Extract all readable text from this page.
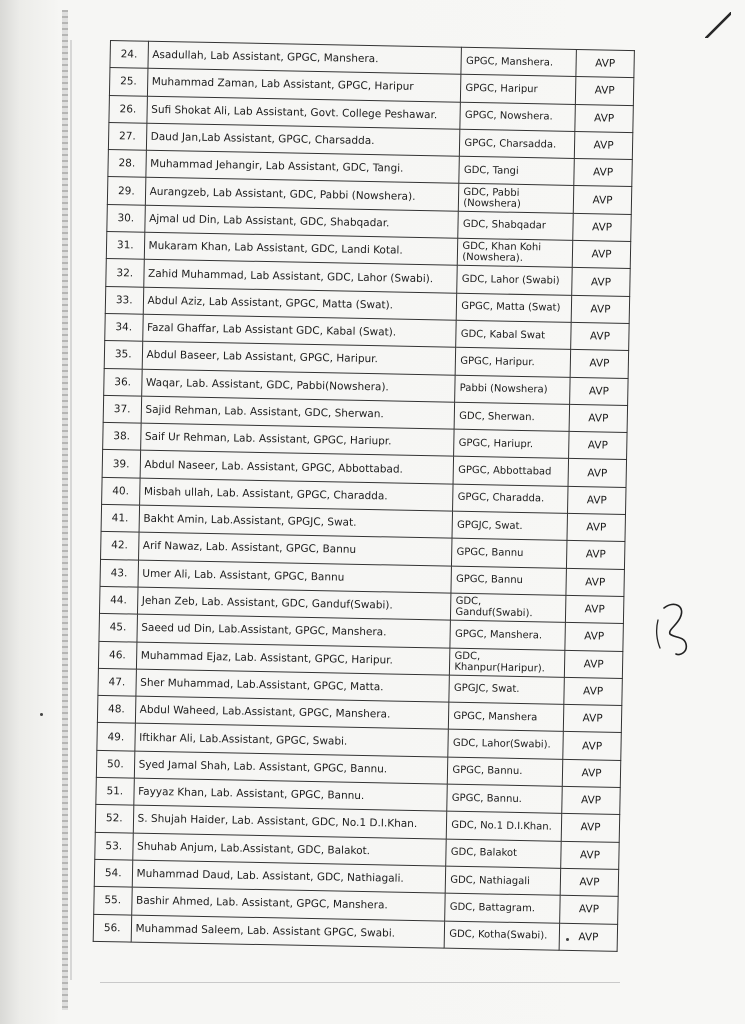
24.	Asadullah, Lab Assistant, GPGC, Manshera.	GPGC, Manshera.	AVP
25.	Muhammad Zaman, Lab Assistant, GPGC, Haripur	GPGC, Haripur	AVP
26.	Sufi Shokat Ali, Lab Assistant, Govt. College Peshawar.	GPGC, Nowshera.	AVP
27.	Daud Jan,Lab Assistant, GPGC, Charsadda.	GPGC, Charsadda.	AVP
28.	Muhammad Jehangir, Lab Assistant, GDC, Tangi.	GDC, Tangi	AVP
29.	Aurangzeb, Lab Assistant, GDC, Pabbi (Nowshera).	GDC, Pabbi (Nowshera)	AVP
30.	Ajmal ud Din, Lab Assistant, GDC, Shabqadar.	GDC, Shabqadar	AVP
31.	Mukaram Khan, Lab Assistant, GDC, Landi Kotal.	GDC, Khan Kohi (Nowshera).	AVP
32.	Zahid Muhammad, Lab Assistant, GDC, Lahor (Swabi).	GDC, Lahor (Swabi)	AVP
33.	Abdul Aziz, Lab Assistant, GPGC, Matta (Swat).	GPGC, Matta (Swat)	AVP
34.	Fazal Ghaffar, Lab Assistant GDC, Kabal (Swat).	GDC, Kabal Swat	AVP
35.	Abdul Baseer, Lab Assistant, GPGC, Haripur.	GPGC, Haripur.	AVP
36.	Waqar, Lab. Assistant, GDC, Pabbi(Nowshera).	Pabbi (Nowshera)	AVP
37.	Sajid Rehman, Lab. Assistant, GDC, Sherwan.	GDC, Sherwan.	AVP
38.	Saif Ur Rehman, Lab. Assistant, GPGC, Hariupr.	GPGC, Hariupr.	AVP
39.	Abdul Naseer, Lab. Assistant, GPGC, Abbottabad.	GPGC, Abbottabad	AVP
40.	Misbah ullah, Lab. Assistant, GPGC, Charadda.	GPGC, Charadda.	AVP
41.	Bakht Amin, Lab.Assistant, GPGJC, Swat.	GPGJC, Swat.	AVP
42.	Arif Nawaz, Lab. Assistant, GPGC, Bannu	GPGC, Bannu	AVP
43.	Umer Ali, Lab. Assistant, GPGC, Bannu	GPGC, Bannu	AVP
44.	Jehan Zeb, Lab. Assistant, GDC, Ganduf(Swabi).	GDC, Ganduf(Swabi).	AVP
45.	Saeed ud Din, Lab.Assistant, GPGC, Manshera.	GPGC, Manshera.	AVP
46.	Muhammad Ejaz, Lab. Assistant, GPGC, Haripur.	GDC, Khanpur(Haripur).	AVP
47.	Sher Muhammad, Lab.Assistant, GPGC, Matta.	GPGJC, Swat.	AVP
48.	Abdul Waheed, Lab.Assistant, GPGC, Manshera.	GPGC, Manshera	AVP
49.	Iftikhar Ali, Lab.Assistant, GPGC, Swabi.	GDC, Lahor(Swabi).	AVP
50.	Syed Jamal Shah, Lab. Assistant, GPGC, Bannu.	GPGC, Bannu.	AVP
51.	Fayyaz Khan, Lab. Assistant, GPGC, Bannu.	GPGC, Bannu.	AVP
52.	S. Shujah Haider, Lab. Assistant, GDC, No.1 D.I.Khan.	GDC, No.1 D.I.Khan.	AVP
53.	Shuhab Anjum, Lab.Assistant, GDC, Balakot.	GDC, Balakot	AVP
54.	Muhammad Daud, Lab. Assistant, GDC, Nathiagali.	GDC, Nathiagali	AVP
55.	Bashir Ahmed, Lab. Assistant, GPGC, Manshera.	GDC, Battagram.	AVP
56.	Muhammad Saleem, Lab. Assistant GPGC, Swabi.	GDC, Kotha(Swabi).	AVP
